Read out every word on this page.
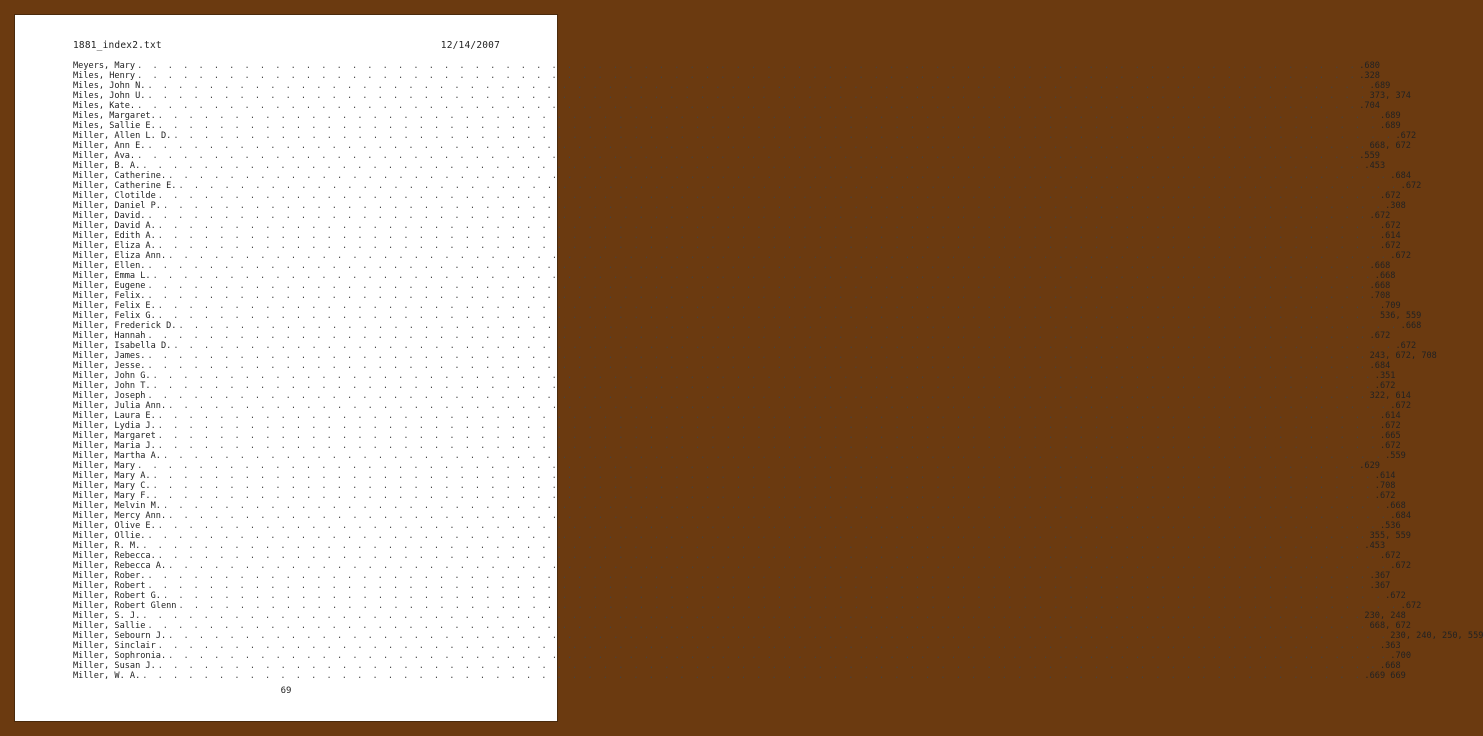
1881_index2.txt	12/14/2007
Meyers, Mary . . . . . . . . . . . . . . . . . . . . . . . . . . . . . . . . . . . . . . . . . . . . . . . . . . . . . . . . . . . . . . . . . . . . . . . . . . . . . . . . .680
Miles, Henry . . . . . . . . . . . . . . . . . . . . . . . . . . . . . . . . . . . . . . . . . . . . . . . . . . . . . . . . . . . . . . . . . . . . . . . . . . . . . . . . .328
Miles, John N. . . . . . . . . . . . . . . . . . . . . . . . . . . . . . . . . . . . . . . . . . . . . . . . . . . . . . . . . . . . . . . . . . . . . . . . . . . . . . . . . .689
Miles, John U. . . . . . . . . . . . . . . . . . . . . . . . . . . . . . . . . . . . . . . . . . . . . . . . . . . . . . . . . . . . . . . . . . . . . . . . . . . . . . . . . 373, 374
Miles, Kate. . . . . . . . . . . . . . . . . . . . . . . . . . . . . . . . . . . . . . . . . . . . . . . . . . . . . . . . . . . . . . . . . . . . . . . . . . . . . . . . . .704
Miles, Margaret. . . . . . . . . . . . . . . . . . . . . . . . . . . . . . . . . . . . . . . . . . . . . . . . . . . . . . . . . . . . . . . . . . . . . . . . . . . . . . . . . .689
Miles, Sallie E. . . . . . . . . . . . . . . . . . . . . . . . . . . . . . . . . . . . . . . . . . . . . . . . . . . . . . . . . . . . . . . . . . . . . . . . . . . . . . . . . .689
Miller, Allen L. D. . . . . . . . . . . . . . . . . . . . . . . . . . . . . . . . . . . . . . . . . . . . . . . . . . . . . . . . . . . . . . . . . . . . . . . . . . . . . . . . . .672
Miller, Ann E. . . . . . . . . . . . . . . . . . . . . . . . . . . . . . . . . . . . . . . . . . . . . . . . . . . . . . . . . . . . . . . . . . . . . . . . . . . . . . . . . 668, 672
Miller, Ava. . . . . . . . . . . . . . . . . . . . . . . . . . . . . . . . . . . . . . . . . . . . . . . . . . . . . . . . . . . . . . . . . . . . . . . . . . . . . . . . . .559
Miller, B. A. . . . . . . . . . . . . . . . . . . . . . . . . . . . . . . . . . . . . . . . . . . . . . . . . . . . . . . . . . . . . . . . . . . . . . . . . . . . . . . . . .453
Miller, Catherine. . . . . . . . . . . . . . . . . . . . . . . . . . . . . . . . . . . . . . . . . . . . . . . . . . . . . . . . . . . . . . . . . . . . . . . . . . . . . . . . . .684
Miller, Catherine E. . . . . . . . . . . . . . . . . . . . . . . . . . . . . . . . . . . . . . . . . . . . . . . . . . . . . . . . . . . . . . . . . . . . . . . . . . . . . . . . . .672
Miller, Clotilde . . . . . . . . . . . . . . . . . . . . . . . . . . . . . . . . . . . . . . . . . . . . . . . . . . . . . . . . . . . . . . . . . . . . . . . . . . . . . . . . .672
Miller, Daniel P. . . . . . . . . . . . . . . . . . . . . . . . . . . . . . . . . . . . . . . . . . . . . . . . . . . . . . . . . . . . . . . . . . . . . . . . . . . . . . . . . .308
Miller, David. . . . . . . . . . . . . . . . . . . . . . . . . . . . . . . . . . . . . . . . . . . . . . . . . . . . . . . . . . . . . . . . . . . . . . . . . . . . . . . . . .672
Miller, David A. . . . . . . . . . . . . . . . . . . . . . . . . . . . . . . . . . . . . . . . . . . . . . . . . . . . . . . . . . . . . . . . . . . . . . . . . . . . . . . . . .672
Miller, Edith A. . . . . . . . . . . . . . . . . . . . . . . . . . . . . . . . . . . . . . . . . . . . . . . . . . . . . . . . . . . . . . . . . . . . . . . . . . . . . . . . . .614
Miller, Eliza A. . . . . . . . . . . . . . . . . . . . . . . . . . . . . . . . . . . . . . . . . . . . . . . . . . . . . . . . . . . . . . . . . . . . . . . . . . . . . . . . . .672
Miller, Eliza Ann. . . . . . . . . . . . . . . . . . . . . . . . . . . . . . . . . . . . . . . . . . . . . . . . . . . . . . . . . . . . . . . . . . . . . . . . . . . . . . . . . .672
Miller, Ellen. . . . . . . . . . . . . . . . . . . . . . . . . . . . . . . . . . . . . . . . . . . . . . . . . . . . . . . . . . . . . . . . . . . . . . . . . . . . . . . . . .668
Miller, Emma L. . . . . . . . . . . . . . . . . . . . . . . . . . . . . . . . . . . . . . . . . . . . . . . . . . . . . . . . . . . . . . . . . . . . . . . . . . . . . . . . . .668
Miller, Eugene . . . . . . . . . . . . . . . . . . . . . . . . . . . . . . . . . . . . . . . . . . . . . . . . . . . . . . . . . . . . . . . . . . . . . . . . . . . . . . . . .668
Miller, Felix. . . . . . . . . . . . . . . . . . . . . . . . . . . . . . . . . . . . . . . . . . . . . . . . . . . . . . . . . . . . . . . . . . . . . . . . . . . . . . . . . .708
Miller, Felix E. . . . . . . . . . . . . . . . . . . . . . . . . . . . . . . . . . . . . . . . . . . . . . . . . . . . . . . . . . . . . . . . . . . . . . . . . . . . . . . . . .709
Miller, Felix G. . . . . . . . . . . . . . . . . . . . . . . . . . . . . . . . . . . . . . . . . . . . . . . . . . . . . . . . . . . . . . . . . . . . . . . . . . . . . . . . . 536, 559
Miller, Frederick D. . . . . . . . . . . . . . . . . . . . . . . . . . . . . . . . . . . . . . . . . . . . . . . . . . . . . . . . . . . . . . . . . . . . . . . . . . . . . . . . . .668
Miller, Hannah . . . . . . . . . . . . . . . . . . . . . . . . . . . . . . . . . . . . . . . . . . . . . . . . . . . . . . . . . . . . . . . . . . . . . . . . . . . . . . . . .672
Miller, Isabella D. . . . . . . . . . . . . . . . . . . . . . . . . . . . . . . . . . . . . . . . . . . . . . . . . . . . . . . . . . . . . . . . . . . . . . . . . . . . . . . . . .672
Miller, James. . . . . . . . . . . . . . . . . . . . . . . . . . . . . . . . . . . . . . . . . . . . . . . . . . . . . . . . . . . . . . . . . . . . . . . . . . . . . . . . . 243, 672, 708
Miller, Jesse. . . . . . . . . . . . . . . . . . . . . . . . . . . . . . . . . . . . . . . . . . . . . . . . . . . . . . . . . . . . . . . . . . . . . . . . . . . . . . . . . .684
Miller, John G. . . . . . . . . . . . . . . . . . . . . . . . . . . . . . . . . . . . . . . . . . . . . . . . . . . . . . . . . . . . . . . . . . . . . . . . . . . . . . . . . .351
Miller, John T. . . . . . . . . . . . . . . . . . . . . . . . . . . . . . . . . . . . . . . . . . . . . . . . . . . . . . . . . . . . . . . . . . . . . . . . . . . . . . . . . .672
Miller, Joseph . . . . . . . . . . . . . . . . . . . . . . . . . . . . . . . . . . . . . . . . . . . . . . . . . . . . . . . . . . . . . . . . . . . . . . . . . . . . . . . . 322, 614
Miller, Julia Ann. . . . . . . . . . . . . . . . . . . . . . . . . . . . . . . . . . . . . . . . . . . . . . . . . . . . . . . . . . . . . . . . . . . . . . . . . . . . . . . . . .672
Miller, Laura E. . . . . . . . . . . . . . . . . . . . . . . . . . . . . . . . . . . . . . . . . . . . . . . . . . . . . . . . . . . . . . . . . . . . . . . . . . . . . . . . . .614
Miller, Lydia J. . . . . . . . . . . . . . . . . . . . . . . . . . . . . . . . . . . . . . . . . . . . . . . . . . . . . . . . . . . . . . . . . . . . . . . . . . . . . . . . . .672
Miller, Margaret . . . . . . . . . . . . . . . . . . . . . . . . . . . . . . . . . . . . . . . . . . . . . . . . . . . . . . . . . . . . . . . . . . . . . . . . . . . . . . . . .665
Miller, Maria J. . . . . . . . . . . . . . . . . . . . . . . . . . . . . . . . . . . . . . . . . . . . . . . . . . . . . . . . . . . . . . . . . . . . . . . . . . . . . . . . . .672
Miller, Martha A. . . . . . . . . . . . . . . . . . . . . . . . . . . . . . . . . . . . . . . . . . . . . . . . . . . . . . . . . . . . . . . . . . . . . . . . . . . . . . . . . .559
Miller, Mary . . . . . . . . . . . . . . . . . . . . . . . . . . . . . . . . . . . . . . . . . . . . . . . . . . . . . . . . . . . . . . . . . . . . . . . . . . . . . . . . .629
Miller, Mary A. . . . . . . . . . . . . . . . . . . . . . . . . . . . . . . . . . . . . . . . . . . . . . . . . . . . . . . . . . . . . . . . . . . . . . . . . . . . . . . . . .614
Miller, Mary C. . . . . . . . . . . . . . . . . . . . . . . . . . . . . . . . . . . . . . . . . . . . . . . . . . . . . . . . . . . . . . . . . . . . . . . . . . . . . . . . . .708
Miller, Mary F. . . . . . . . . . . . . . . . . . . . . . . . . . . . . . . . . . . . . . . . . . . . . . . . . . . . . . . . . . . . . . . . . . . . . . . . . . . . . . . . . .672
Miller, Melvin M. . . . . . . . . . . . . . . . . . . . . . . . . . . . . . . . . . . . . . . . . . . . . . . . . . . . . . . . . . . . . . . . . . . . . . . . . . . . . . . . . .668
Miller, Mercy Ann. . . . . . . . . . . . . . . . . . . . . . . . . . . . . . . . . . . . . . . . . . . . . . . . . . . . . . . . . . . . . . . . . . . . . . . . . . . . . . . . . .684
Miller, Olive E. . . . . . . . . . . . . . . . . . . . . . . . . . . . . . . . . . . . . . . . . . . . . . . . . . . . . . . . . . . . . . . . . . . . . . . . . . . . . . . . . .536
Miller, Ollie. . . . . . . . . . . . . . . . . . . . . . . . . . . . . . . . . . . . . . . . . . . . . . . . . . . . . . . . . . . . . . . . . . . . . . . . . . . . . . . . . 355, 559
Miller, R. M. . . . . . . . . . . . . . . . . . . . . . . . . . . . . . . . . . . . . . . . . . . . . . . . . . . . . . . . . . . . . . . . . . . . . . . . . . . . . . . . . .453
Miller, Rebecca. . . . . . . . . . . . . . . . . . . . . . . . . . . . . . . . . . . . . . . . . . . . . . . . . . . . . . . . . . . . . . . . . . . . . . . . . . . . . . . . . .672
Miller, Rebecca A. . . . . . . . . . . . . . . . . . . . . . . . . . . . . . . . . . . . . . . . . . . . . . . . . . . . . . . . . . . . . . . . . . . . . . . . . . . . . . . . . .672
Miller, Rober. . . . . . . . . . . . . . . . . . . . . . . . . . . . . . . . . . . . . . . . . . . . . . . . . . . . . . . . . . . . . . . . . . . . . . . . . . . . . . . . . .367
Miller, Robert . . . . . . . . . . . . . . . . . . . . . . . . . . . . . . . . . . . . . . . . . . . . . . . . . . . . . . . . . . . . . . . . . . . . . . . . . . . . . . . . .367
Miller, Robert G. . . . . . . . . . . . . . . . . . . . . . . . . . . . . . . . . . . . . . . . . . . . . . . . . . . . . . . . . . . . . . . . . . . . . . . . . . . . . . . . . .672
Miller, Robert Glenn . . . . . . . . . . . . . . . . . . . . . . . . . . . . . . . . . . . . . . . . . . . . . . . . . . . . . . . . . . . . . . . . . . . . . . . . . . . . . . . . .672
Miller, S. J. . . . . . . . . . . . . . . . . . . . . . . . . . . . . . . . . . . . . . . . . . . . . . . . . . . . . . . . . . . . . . . . . . . . . . . . . . . . . . . . . 230, 248
Miller, Sallie . . . . . . . . . . . . . . . . . . . . . . . . . . . . . . . . . . . . . . . . . . . . . . . . . . . . . . . . . . . . . . . . . . . . . . . . . . . . . . . . 668, 672
Miller, Sebourn J. . . . . . . . . . . . . . . . . . . . . . . . . . . . . . . . . . . . . . . . . . . . . . . . . . . . . . . . . . . . . . . . . . . . . . . . . . . . . . . . . 230, 240, 250, 559
Miller, Sinclair . . . . . . . . . . . . . . . . . . . . . . . . . . . . . . . . . . . . . . . . . . . . . . . . . . . . . . . . . . . . . . . . . . . . . . . . . . . . . . . . .363
Miller, Sophronia. . . . . . . . . . . . . . . . . . . . . . . . . . . . . . . . . . . . . . . . . . . . . . . . . . . . . . . . . . . . . . . . . . . . . . . . . . . . . . . . . .700
Miller, Susan J. . . . . . . . . . . . . . . . . . . . . . . . . . . . . . . . . . . . . . . . . . . . . . . . . . . . . . . . . . . . . . . . . . . . . . . . . . . . . . . . . .668
Miller, W. A. . . . . . . . . . . . . . . . . . . . . . . . . . . . . . . . . . . . . . . . . . . . . . . . . . . . . . . . . . . . . . . . . . . . . . . . . . . . . . . . . .669 669
69
